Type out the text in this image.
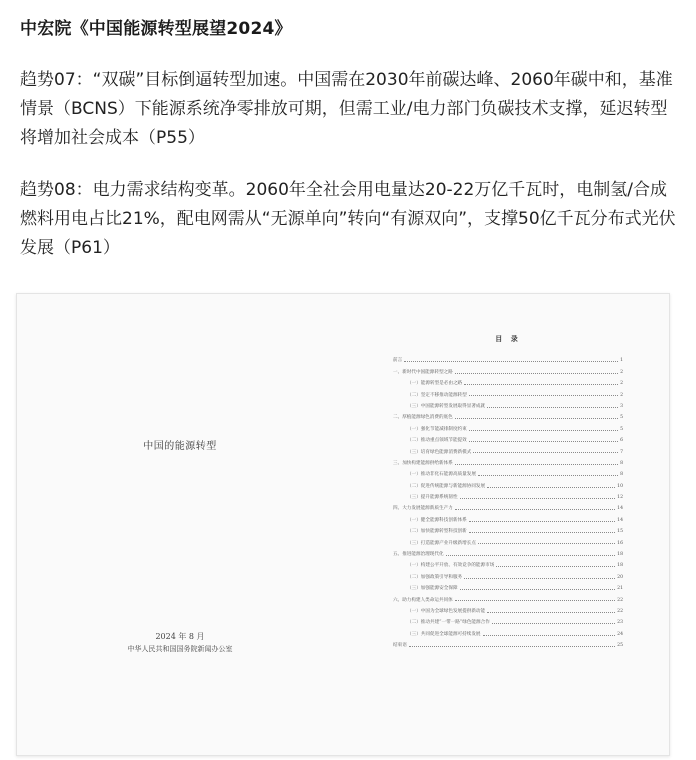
中宏院《中国能源转型展望2024》
趋势07：“双碳”目标倒逼转型加速。中国需在2030年前碳达峰、2060年碳中和，基准情景（BCNS）下能源系统净零排放可期，但需工业/电力部门负碳技术支撑，延迟转型将增加社会成本（P55）
趋势08：电力需求结构变革。2060年全社会用电量达20-22万亿千瓦时，电制氢/合成燃料用电占比21%，配电网需从“无源单向”转向“有源双向”，支撑50亿千瓦分布式光伏发展（P61）
中国的能源转型
2024 年 8 月
中华人民共和国国务院新闻办公室
目 录
前言	1
一、新时代中国能源转型之路	2
（一）能源转型是必由之路	2
（二）坚定不移推动能源转型	2
（三）中国能源转型发展取得显著成就	3
二、厚植能源绿色消费的底色	5
（一）强化节能减排制度约束	5
（二）推动重点领域节能提效	6
（三）培育绿色能源消费新模式	7
三、加快构建能源供给新体系	8
（一）推动非化石能源高质量发展	8
（二）促进传统能源与新能源协同发展	10
（三）提升能源系统韧性	12
四、大力发展能源新质生产力	14
（一）健全能源科技创新体系	14
（二）加快能源转型科技创新	15
（三）打造能源产业升级新增长点	16
五、推进能源治理现代化	18
（一）构建公平开放、有效竞争的能源市场	18
（二）加强政策引导和服务	20
（三）加强能源安全保障	21
六、助力构建人类命运共同体	22
（一）中国为全球绿色发展提供新动能	22
（二）推动共建“一带一路”绿色能源合作	23
（三）共同促进全球能源可持续发展	24
结束语	25
